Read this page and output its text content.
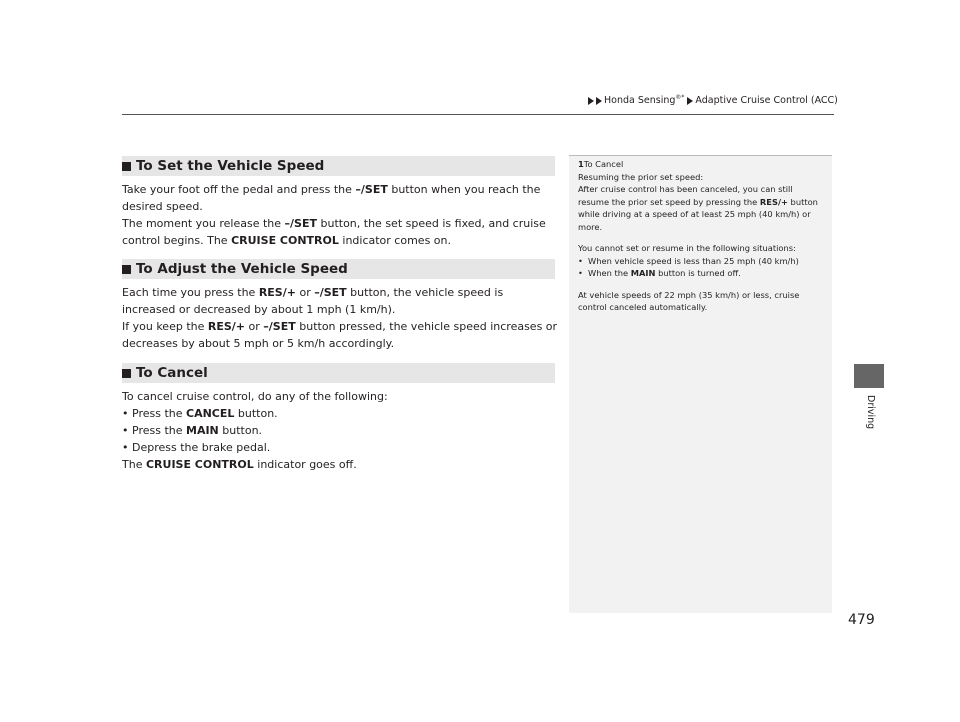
Honda Sensing®* Adaptive Cruise Control (ACC)
To Set the Vehicle Speed

Take your foot off the pedal and press the –/SET button when you reach the desired speed.

The moment you release the –/SET button, the set speed is fixed, and cruise control begins. The CRUISE CONTROL indicator comes on.

To Adjust the Vehicle Speed

Each time you press the RES/+ or –/SET button, the vehicle speed is increased or decreased by about 1 mph (1 km/h).

If you keep the RES/+ or –/SET button pressed, the vehicle speed increases or decreases by about 5 mph or 5 km/h accordingly.

To Cancel

To cancel cruise control, do any of the following:

• Press the CANCEL button.
• Press the MAIN button.
• Depress the brake pedal.

The CRUISE CONTROL indicator goes off.

1To Cancel

Resuming the prior set speed:

After cruise control has been canceled, you can still resume the prior set speed by pressing the RES/+ button while driving at a speed of at least 25 mph (40 km/h) or more.

You cannot set or resume in the following situations:

• When vehicle speed is less than 25 mph (40 km/h)
• When the MAIN button is turned off.

At vehicle speeds of 22 mph (35 km/h) or less, cruise control canceled automatically.

Driving
479
